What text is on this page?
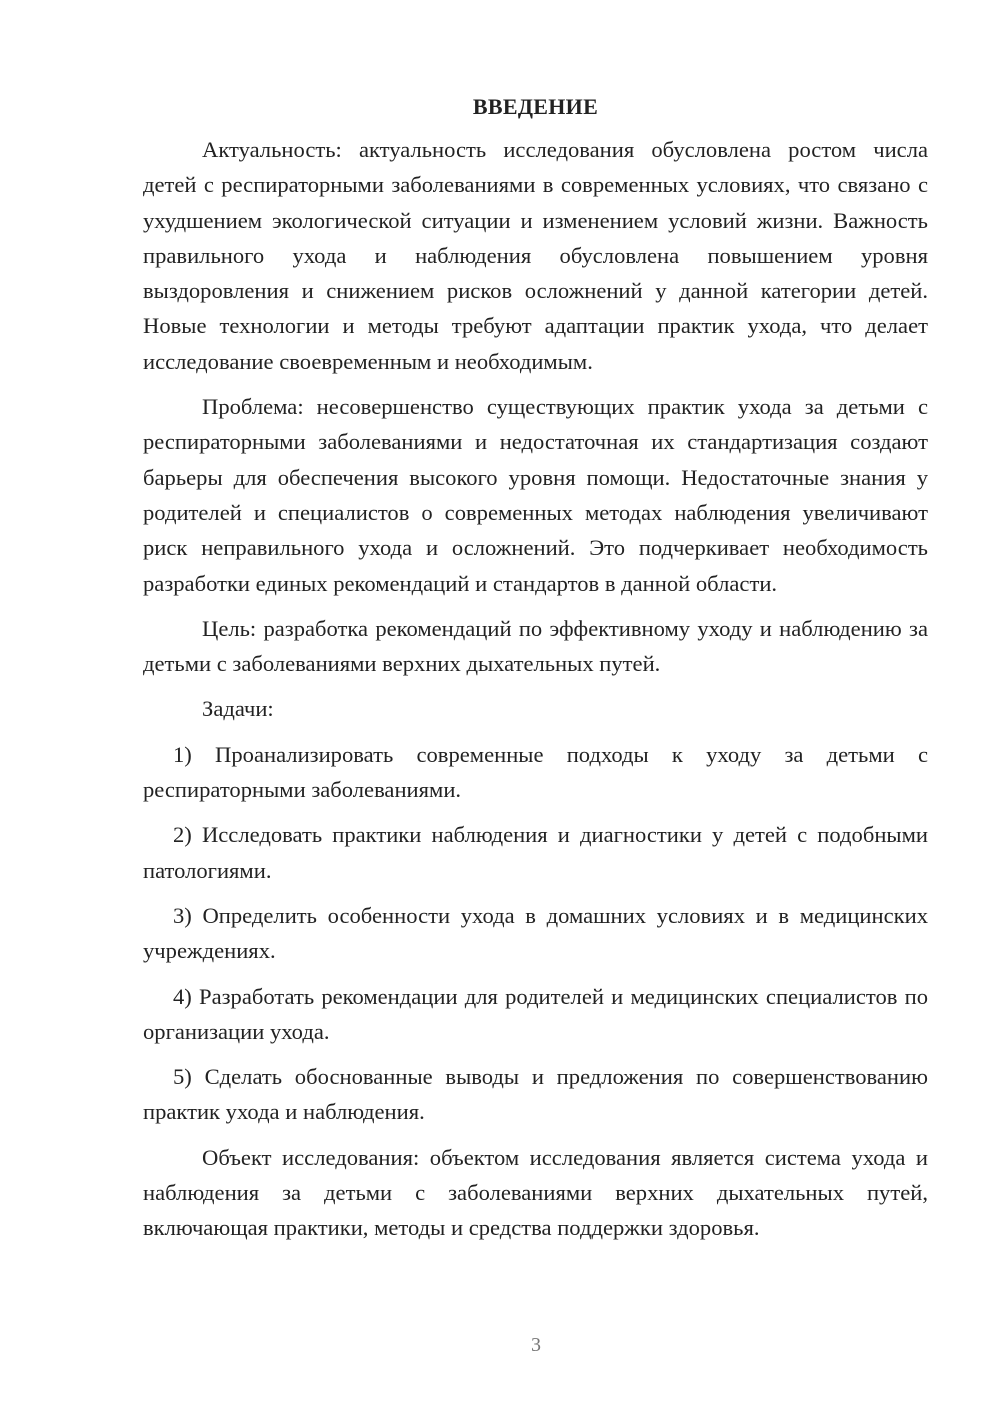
ВВЕДЕНИЕ

Актуальность: актуальность исследования обусловлена ростом числа детей с респираторными заболеваниями в современных условиях, что связано с ухудшением экологической ситуации и изменением условий жизни. Важность правильного ухода и наблюдения обусловлена повышением уровня выздоровления и снижением рисков осложнений у данной категории детей. Новые технологии и методы требуют адаптации практик ухода, что делает исследование своевременным и необходимым.

Проблема: несовершенство существующих практик ухода за детьми с респираторными заболеваниями и недостаточная их стандартизация создают барьеры для обеспечения высокого уровня помощи. Недостаточные знания у родителей и специалистов о современных методах наблюдения увеличивают риск неправильного ухода и осложнений. Это подчеркивает необходимость разработки единых рекомендаций и стандартов в данной области.

Цель: разработка рекомендаций по эффективному уходу и наблюдению за детьми с заболеваниями верхних дыхательных путей.

Задачи:

1) Проанализировать современные подходы к уходу за детьми с респираторными заболеваниями.

2) Исследовать практики наблюдения и диагностики у детей с подобными патологиями.

3) Определить особенности ухода в домашних условиях и в медицинских учреждениях.

4) Разработать рекомендации для родителей и медицинских специалистов по организации ухода.

5) Сделать обоснованные выводы и предложения по совершенствованию практик ухода и наблюдения.

Объект исследования: объектом исследования является система ухода и наблюдения за детьми с заболеваниями верхних дыхательных путей, включающая практики, методы и средства поддержки здоровья.

3
